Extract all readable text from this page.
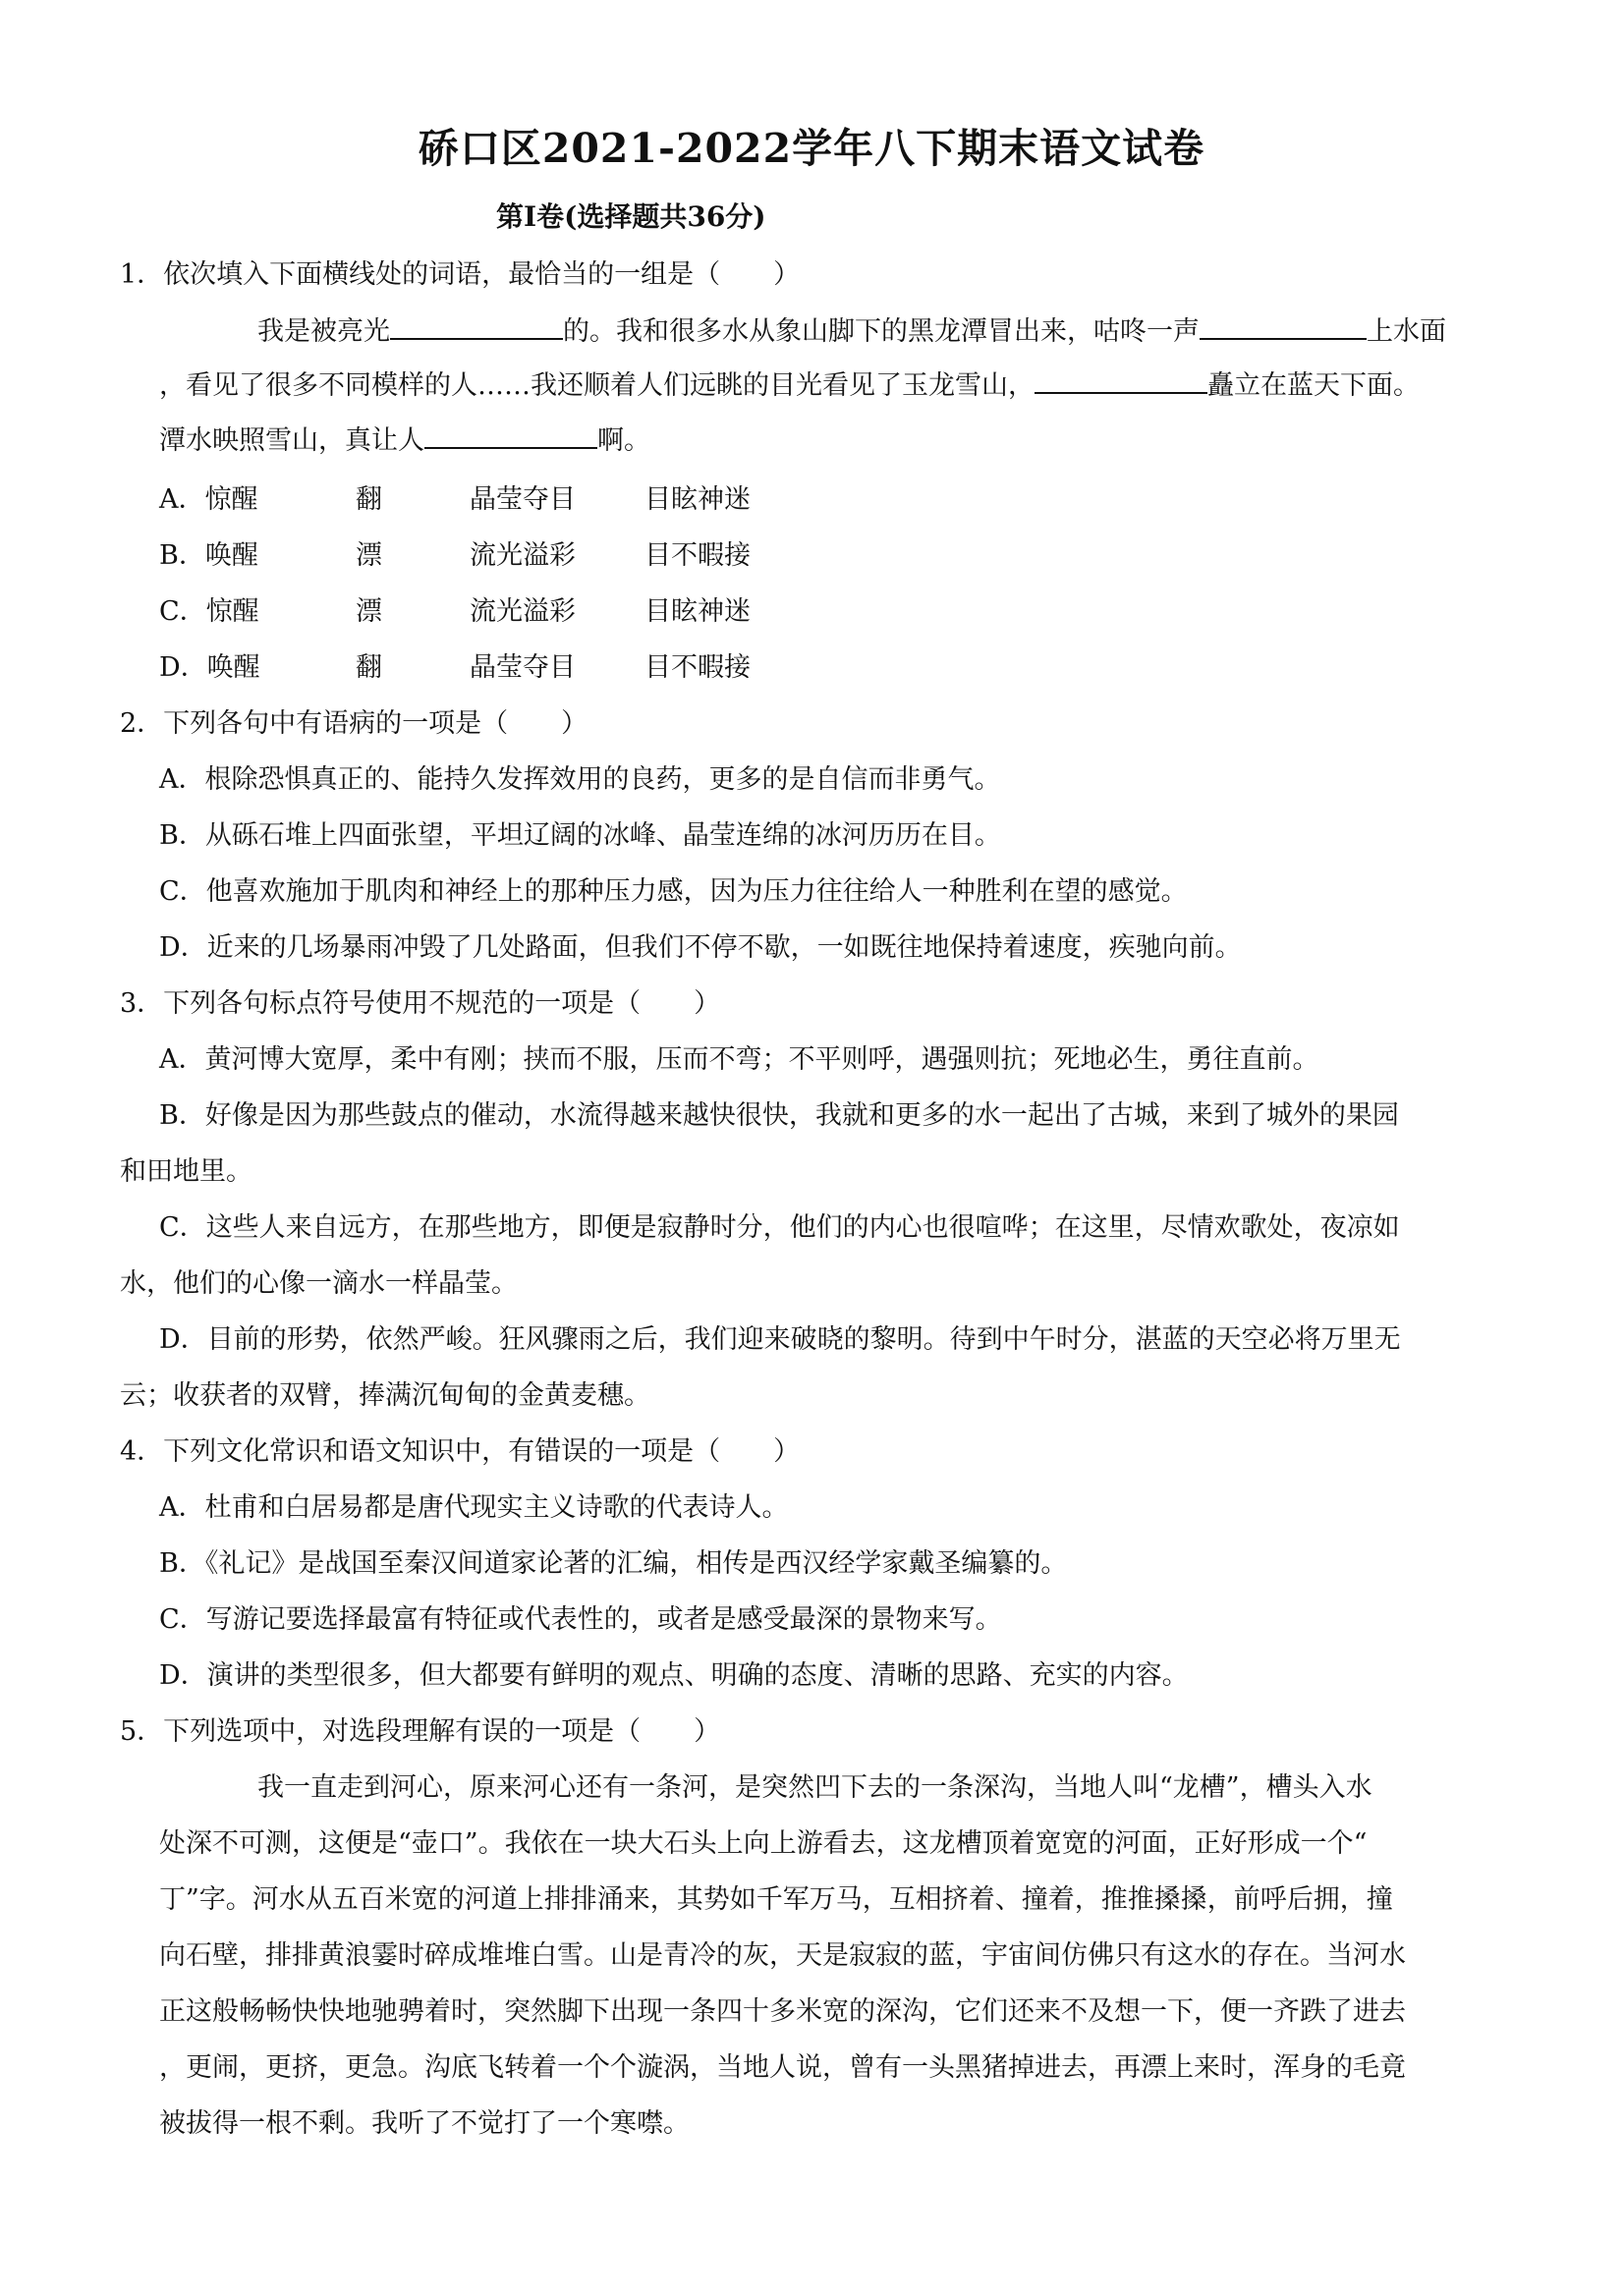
硚口区2021-2022学年八下期末语文试卷
第Ⅰ卷(选择题共36分)
1．依次填入下面横线处的词语，最恰当的一组是（　　）
我是被亮光	的。我和很多水从象山脚下的黑龙潭冒出来，咕咚一声	上水面
，看见了很多不同模样的人……我还顺着人们远眺的目光看见了玉龙雪山，	矗立在蓝天下面。
潭水映照雪山，真让人	啊。
A．惊醒	翻	晶莹夺目	目眩神迷
B．唤醒	漂	流光溢彩	目不暇接
C．惊醒	漂	流光溢彩	目眩神迷
D．唤醒	翻	晶莹夺目	目不暇接
2．下列各句中有语病的一项是（　　）
A．根除恐惧真正的、能持久发挥效用的良药，更多的是自信而非勇气。
B．从砾石堆上四面张望，平坦辽阔的冰峰、晶莹连绵的冰河历历在目。
C．他喜欢施加于肌肉和神经上的那种压力感，因为压力往往给人一种胜利在望的感觉。
D．近来的几场暴雨冲毁了几处路面，但我们不停不歇，一如既往地保持着速度，疾驰向前。
3．下列各句标点符号使用不规范的一项是（　　）
A．黄河博大宽厚，柔中有刚；挟而不服，压而不弯；不平则呼，遇强则抗；死地必生，勇往直前。
B．好像是因为那些鼓点的催动，水流得越来越快很快，我就和更多的水一起出了古城，来到了城外的果园
和田地里。
C．这些人来自远方，在那些地方，即便是寂静时分，他们的内心也很喧哗；在这里，尽情欢歌处，夜凉如
水，他们的心像一滴水一样晶莹。
D．目前的形势，依然严峻。狂风骤雨之后，我们迎来破晓的黎明。待到中午时分，湛蓝的天空必将万里无
云；收获者的双臂，捧满沉甸甸的金黄麦穗。
4．下列文化常识和语文知识中，有错误的一项是（　　）
A．杜甫和白居易都是唐代现实主义诗歌的代表诗人。
B．《礼记》是战国至秦汉间道家论著的汇编，相传是西汉经学家戴圣编纂的。
C．写游记要选择最富有特征或代表性的，或者是感受最深的景物来写。
D．演讲的类型很多，但大都要有鲜明的观点、明确的态度、清晰的思路、充实的内容。
5．下列选项中，对选段理解有误的一项是（　　）
我一直走到河心，原来河心还有一条河，是突然凹下去的一条深沟，当地人叫“龙槽”，槽头入水
处深不可测，这便是“壶口”。我依在一块大石头上向上游看去，这龙槽顶着宽宽的河面，正好形成一个“
丁”字。河水从五百米宽的河道上排排涌来，其势如千军万马，互相挤着、撞着，推推搡搡，前呼后拥，撞
向石壁，排排黄浪霎时碎成堆堆白雪。山是青冷的灰，天是寂寂的蓝，宇宙间仿佛只有这水的存在。当河水
正这般畅畅快快地驰骋着时，突然脚下出现一条四十多米宽的深沟，它们还来不及想一下，便一齐跌了进去
，更闹，更挤，更急。沟底飞转着一个个漩涡，当地人说，曾有一头黑猪掉进去，再漂上来时，浑身的毛竟
被拔得一根不剩。我听了不觉打了一个寒噤。
